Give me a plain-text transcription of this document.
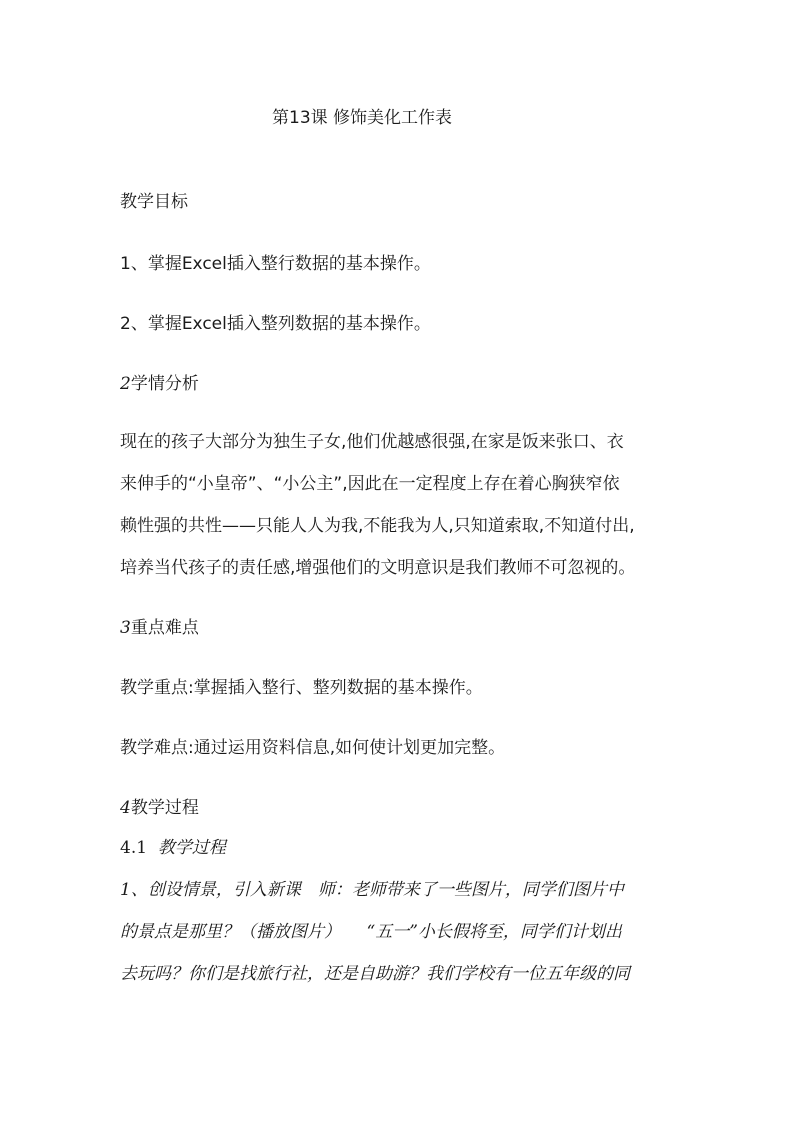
第13课 修饰美化工作表
教学目标
1、掌握Excel插入整行数据的基本操作。
2、掌握Excel插入整列数据的基本操作。
2学情分析
现在的孩子大部分为独生子女,他们优越感很强,在家是饭来张口、衣
来伸手的“小皇帝”、“小公主”,因此在一定程度上存在着心胸狭窄依
赖性强的共性——只能人人为我,不能我为人,只知道索取,不知道付出,
培养当代孩子的责任感,增强他们的文明意识是我们教师不可忽视的。
3重点难点
教学重点:掌握插入整行、整列数据的基本操作。
教学难点:通过运用资料信息,如何使计划更加完整。
4教学过程
4.1 教学过程
1、创设情景，引入新课　师：老师带来了一些图片，同学们图片中
的景点是那里？（播放图片）　　“五一”小长假将至，同学们计划出
去玩吗？你们是找旅行社，还是自助游？我们学校有一位五年级的同
